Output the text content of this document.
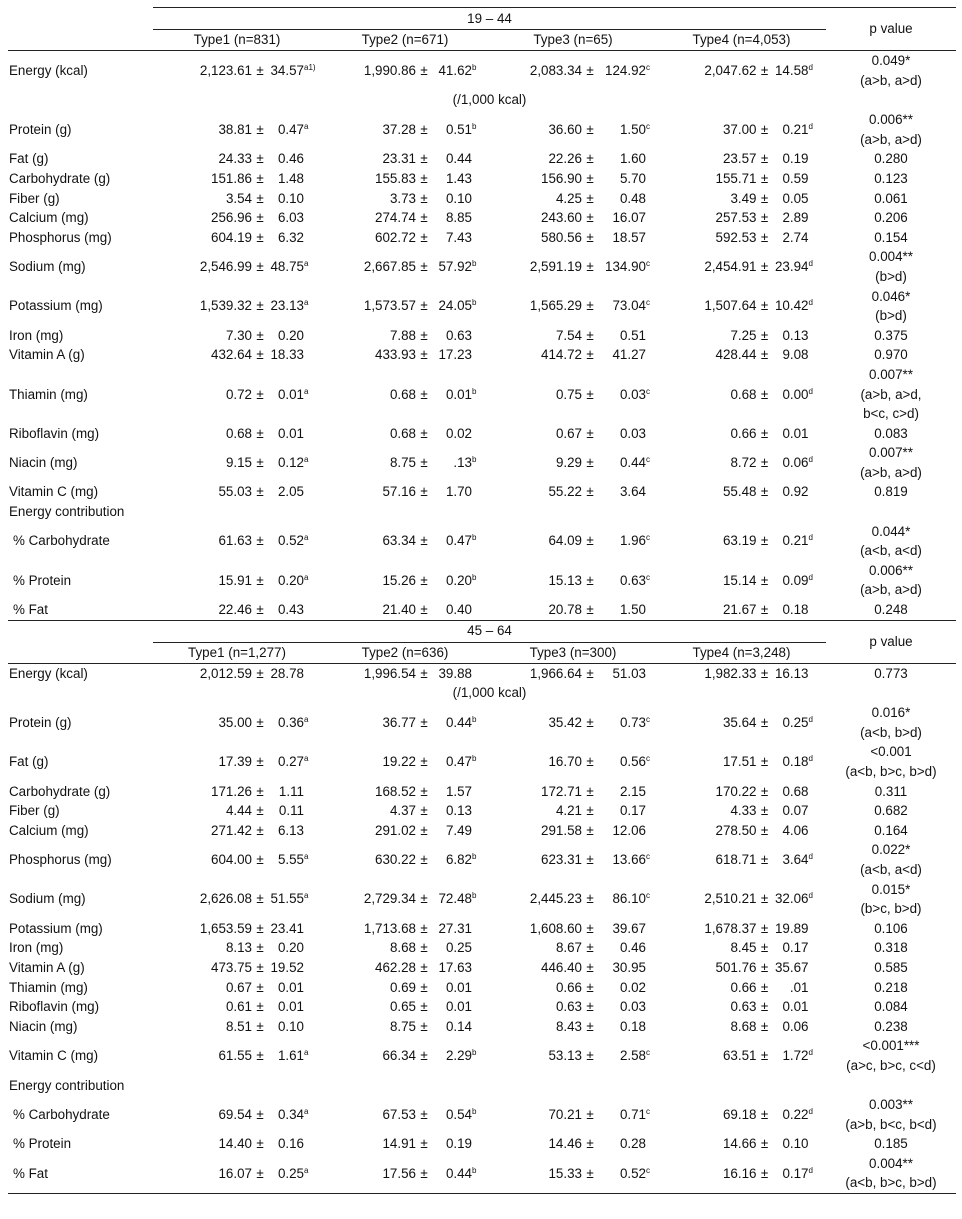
	19 – 44				p value
	Type1 (n=831)	Type2 (n=671)	Type3 (n=65)	Type4 (n=4,053)	
Energy (kcal)	2,123.61 ± 34.57a1)	1,990.86 ± 41.62b	2,083.34 ± 124.92c	2,047.62 ± 14.58d	0.049*
(a>b, a>d)

	(/1,000 kcal)				
Protein (g)	38.81 ± 0.47a	37.28 ± 0.51b	36.60 ± 1.50c	37.00 ± 0.21d	0.006**
(a>b, a>d)

Fat (g)	24.33 ± 0.46	23.31 ± 0.44	22.26 ± 1.60	23.57 ± 0.19	0.280

Carbohydrate (g)	151.86 ± 1.48	155.83 ± 1.43	156.90 ± 5.70	155.71 ± 0.59	0.123

Fiber (g)	3.54 ± 0.10	3.73 ± 0.10	4.25 ± 0.48	3.49 ± 0.05	0.061

Calcium (mg)	256.96 ± 6.03	274.74 ± 8.85	243.60 ± 16.07	257.53 ± 2.89	0.206

Phosphorus (mg)	604.19 ± 6.32	602.72 ± 7.43	580.56 ± 18.57	592.53 ± 2.74	0.154

Sodium (mg)	2,546.99 ± 48.75a	2,667.85 ± 57.92b	2,591.19 ± 134.90c	2,454.91 ± 23.94d	0.004**
(b>d)

Potassium (mg)	1,539.32 ± 23.13a	1,573.57 ± 24.05b	1,565.29 ± 73.04c	1,507.64 ± 10.42d	0.046*
(b>d)

Iron (mg)	7.30 ± 0.20	7.88 ± 0.63	7.54 ± 0.51	7.25 ± 0.13	0.375

Vitamin A (g)	432.64 ± 18.33	433.93 ± 17.23	414.72 ± 41.27	428.44 ± 9.08	0.970

Thiamin (mg)	0.72 ± 0.01a	0.68 ± 0.01b	0.75 ± 0.03c	0.68 ± 0.00d	0.007**
(a>b, a>d,
b<c, c>d)

Riboflavin (mg)	0.68 ± 0.01	0.68 ± 0.02	0.67 ± 0.03	0.66 ± 0.01	0.083

Niacin (mg)	9.15 ± 0.12a	8.75 ± .13b	9.29 ± 0.44c	8.72 ± 0.06d	0.007**
(a>b, a>d)

Vitamin C (mg)	55.03 ± 2.05	57.16 ± 1.70	55.22 ± 3.64	55.48 ± 0.92	0.819

Energy contribution					
% Carbohydrate	61.63 ± 0.52a	63.34 ± 0.47b	64.09 ± 1.96c	63.19 ± 0.21d	0.044*
(a<b, a<d)

% Protein	15.91 ± 0.20a	15.26 ± 0.20b	15.13 ± 0.63c	15.14 ± 0.09d	0.006**
(a>b, a>d)

% Fat	22.46 ± 0.43	21.40 ± 0.40	20.78 ± 1.50	21.67 ± 0.18	0.248

	45 – 64				p value
	Type1 (n=1,277)	Type2 (n=636)	Type3 (n=300)	Type4 (n=3,248)	
Energy (kcal)	2,012.59 ± 28.78	1,996.54 ± 39.88	1,966.64 ± 51.03	1,982.33 ± 16.13	0.773

	(/1,000 kcal)				
Protein (g)	35.00 ± 0.36a	36.77 ± 0.44b	35.42 ± 0.73c	35.64 ± 0.25d	0.016*
(a<b, b>d)

Fat (g)	17.39 ± 0.27a	19.22 ± 0.47b	16.70 ± 0.56c	17.51 ± 0.18d	<0.001
(a<b, b>c, b>d)

Carbohydrate (g)	171.26 ± 1.11	168.52 ± 1.57	172.71 ± 2.15	170.22 ± 0.68	0.311

Fiber (g)	4.44 ± 0.11	4.37 ± 0.13	4.21 ± 0.17	4.33 ± 0.07	0.682

Calcium (mg)	271.42 ± 6.13	291.02 ± 7.49	291.58 ± 12.06	278.50 ± 4.06	0.164

Phosphorus (mg)	604.00 ± 5.55a	630.22 ± 6.82b	623.31 ± 13.66c	618.71 ± 3.64d	0.022*
(a<b, a<d)

Sodium (mg)	2,626.08 ± 51.55a	2,729.34 ± 72.48b	2,445.23 ± 86.10c	2,510.21 ± 32.06d	0.015*
(b>c, b>d)

Potassium (mg)	1,653.59 ± 23.41	1,713.68 ± 27.31	1,608.60 ± 39.67	1,678.37 ± 19.89	0.106

Iron (mg)	8.13 ± 0.20	8.68 ± 0.25	8.67 ± 0.46	8.45 ± 0.17	0.318

Vitamin A (g)	473.75 ± 19.52	462.28 ± 17.63	446.40 ± 30.95	501.76 ± 35.67	0.585

Thiamin (mg)	0.67 ± 0.01	0.69 ± 0.01	0.66 ± 0.02	0.66 ± .01	0.218

Riboflavin (mg)	0.61 ± 0.01	0.65 ± 0.01	0.63 ± 0.03	0.63 ± 0.01	0.084

Niacin (mg)	8.51 ± 0.10	8.75 ± 0.14	8.43 ± 0.18	8.68 ± 0.06	0.238

Vitamin C (mg)	61.55 ± 1.61a	66.34 ± 2.29b	53.13 ± 2.58c	63.51 ± 1.72d	<0.001***
(a>c, b>c, c<d)

Energy contribution					
% Carbohydrate	69.54 ± 0.34a	67.53 ± 0.54b	70.21 ± 0.71c	69.18 ± 0.22d	0.003**
(a>b, b<c, b<d)

% Protein	14.40 ± 0.16	14.91 ± 0.19	14.46 ± 0.28	14.66 ± 0.10	0.185

% Fat	16.07 ± 0.25a	17.56 ± 0.44b	15.33 ± 0.52c	16.16 ± 0.17d	0.004**
(a<b, b>c, b>d)
